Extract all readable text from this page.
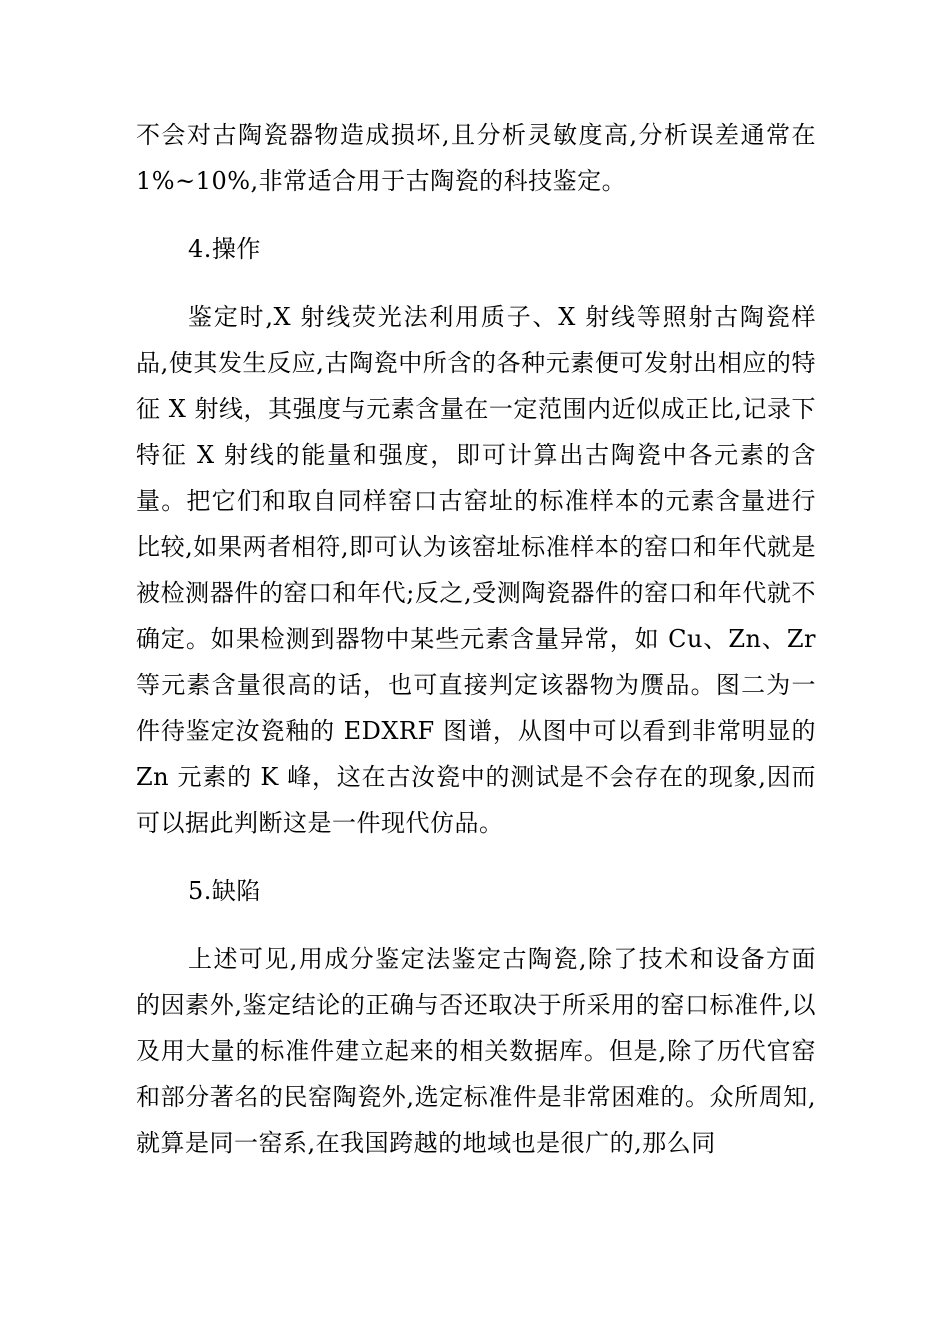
不会对古陶瓷器物造成损坏,且分析灵敏度高,分析误差通常在1%~10%,非常适合用于古陶瓷的科技鉴定。

4.操作

鉴定时,X 射线荧光法利用质子、X 射线等照射古陶瓷样品,使其发生反应,古陶瓷中所含的各种元素便可发射出相应的特征 X 射线，其强度与元素含量在一定范围内近似成正比,记录下特征 X 射线的能量和强度，即可计算出古陶瓷中各元素的含量。把它们和取自同样窑口古窑址的标准样本的元素含量进行比较,如果两者相符,即可认为该窑址标准样本的窑口和年代就是被检测器件的窑口和年代;反之,受测陶瓷器件的窑口和年代就不确定。如果检测到器物中某些元素含量异常，如 Cu、Zn、Zr 等元素含量很高的话，也可直接判定该器物为赝品。图二为一件待鉴定汝瓷釉的 EDXRF 图谱，从图中可以看到非常明显的 Zn 元素的 K 峰，这在古汝瓷中的测试是不会存在的现象,因而可以据此判断这是一件现代仿品。

5.缺陷

上述可见,用成分鉴定法鉴定古陶瓷,除了技术和设备方面的因素外,鉴定结论的正确与否还取决于所采用的窑口标准件,以及用大量的标准件建立起来的相关数据库。但是,除了历代官窑和部分著名的民窑陶瓷外,选定标准件是非常困难的。众所周知,就算是同一窑系,在我国跨越的地域也是很广的,那么同
